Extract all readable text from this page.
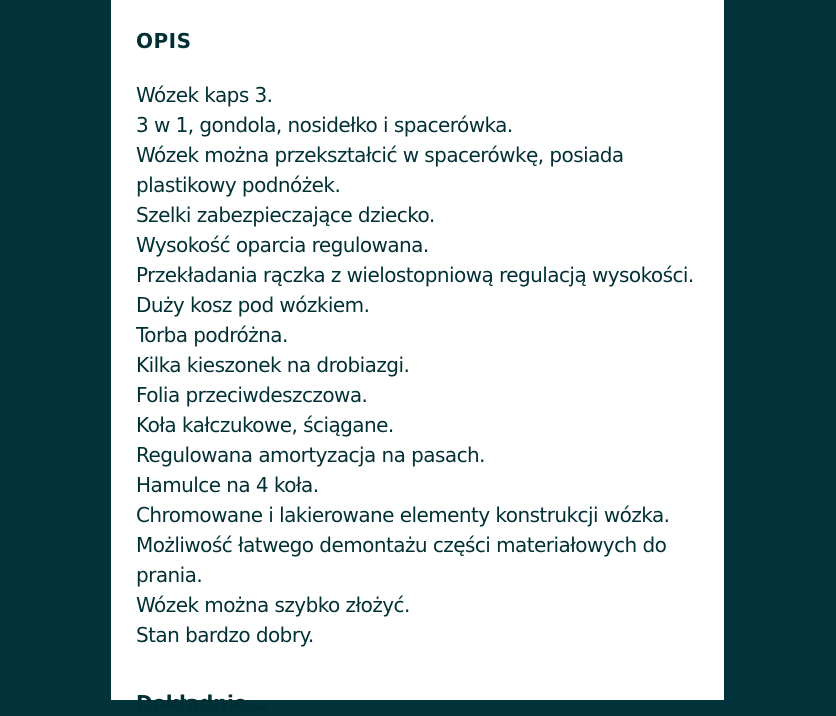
OPIS
Wózek kaps 3.
3 w 1, gondola, nosidełko i spacerówka.
Wózek można przekształcić w spacerówkę, posiada plastikowy podnóżek.
Szelki zabezpieczające dziecko.
Wysokość oparcia regulowana.
Przekładania rączka z wielostopniową regulacją wysokości.
Duży kosz pod wózkiem.
Torba podróżna.
Kilka kieszonek na drobiazgi.
Folia przeciwdeszczowa.
Koła kałczukowe, ściągane.
Regulowana amortyzacja na pasach.
Hamulce na 4 koła.
Chromowane i lakierowane elementy konstrukcji wózka.
Możliwość łatwego demontażu części materiałowych do prania.
Wózek można szybko złożyć.
Stan bardzo dobry.
Dokładnie...
